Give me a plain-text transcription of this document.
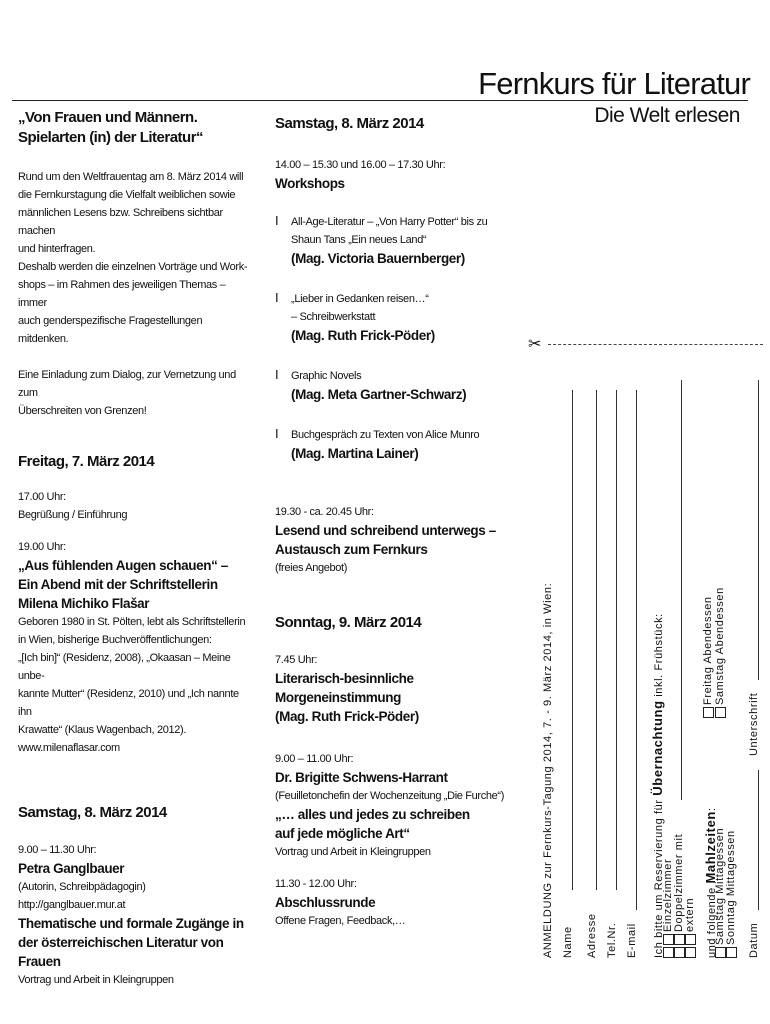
Fernkurs für Literatur
Die Welt erlesen

„Von Frauen und Männern.

Spielarten (in) der Literatur“

Rund um den Weltfrauentag am 8. März 2014 will

die Fernkurstagung die Vielfalt weiblichen sowie

männlichen Lesens bzw. Schreibens sichtbar machen

und hinterfragen.

Deshalb werden die einzelnen Vorträge und Work-

shops – im Rahmen des jeweiligen Themas – immer

auch genderspezifische Fragestellungen mitdenken.

Eine Einladung zum Dialog, zur Vernetzung und zum

Überschreiten von Grenzen!

Freitag, 7. März 2014

17.00 Uhr:

Begrüßung / Einführung

19.00 Uhr:

„Aus fühlenden Augen schauen“ –

Ein Abend mit der Schriftstellerin

Milena Michiko Flašar

Geboren 1980 in St. Pölten, lebt als Schriftstellerin

in Wien, bisherige Buchveröffentlichungen:

„[Ich bin]“ (Residenz, 2008), „Okaasan – Meine unbe-

kannte Mutter“ (Residenz, 2010) und „Ich nannte ihn

Krawatte“ (Klaus Wagenbach, 2012).

www.milenaflasar.com

Samstag, 8. März 2014

9.00 – 11.30 Uhr:

Petra Ganglbauer

(Autorin, Schreibpädagogin)

http://ganglbauer.mur.at

Thematische und formale Zugänge in

der österreichischen Literatur von Frauen

Vortrag und Arbeit in Kleingruppen

Samstag, 8. März 2014

14.00 – 15.30 und 16.00 – 17.30 Uhr:

Workshops

I All-Age-Literatur – „Von Harry Potter“ bis zu

Shaun Tans „Ein neues Land“

(Mag. Victoria Bauernberger)

I „Lieber in Gedanken reisen…“

– Schreibwerkstatt

(Mag. Ruth Frick-Pöder)

I Graphic Novels

(Mag. Meta Gartner-Schwarz)

I Buchgespräch zu Texten von Alice Munro

(Mag. Martina Lainer)

19.30 - ca. 20.45 Uhr:

Lesend und schreibend unterwegs –

Austausch zum Fernkurs

(freies Angebot)

Sonntag, 9. März 2014

7.45 Uhr:

Literarisch-besinnliche Morgeneinstimmung

(Mag. Ruth Frick-Pöder)

9.00 – 11.00 Uhr:

Dr. Brigitte Schwens-Harrant

(Feuilletonchefin der Wochenzeitung „Die Furche“)

„… alles und jedes zu schreiben

auf jede mögliche Art“

Vortrag und Arbeit in Kleingruppen

11.30 - 12.00 Uhr:

Abschlussrunde

Offene Fragen, Feedback,…

✂
ANMELDUNG zur Fernkurs-Tagung 2014, 7. - 9. März 2014, in Wien: Name Adresse Tel.Nr. E-mail Ich bitte um Reservierung für Übernachtung inkl. Frühstück:
Einzelzimmer Doppelzimmer mit extern und folgende Mahlzeiten:
Samstag Mittagessen Sonntag Mittagessen
Freitag Abendessen Samstag Abendessen
Datum
Unterschrift
